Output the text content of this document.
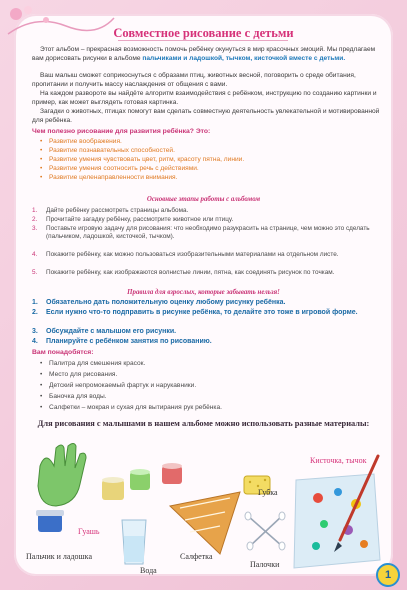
Совместное рисование с детьми
Этот альбом – прекрасная возможность помочь ребёнку окунуться в мир красочных эмоций. Мы предлагаем вам дорисовать рисунки в альбоме пальчиками и ладошкой, тычком, кисточкой вместе с детьми.
Ваш малыш сможет соприкоснуться с образами птиц, животных весной, поговорить о среде обитания, пропитании и получить массу наслаждения от общения с вами.
На каждом развороте вы найдёте алгоритм взаимодействия с ребёнком, инструкцию по созданию картинки и пример, как может выглядеть готовая картинка.
Загадки о животных, птицах помогут вам сделать совместную деятельность увлекательной и мотивированной для ребёнка.
Чем полезно рисование для развития ребёнка? Это:
• Развитие воображения.
• Развитие познавательных способностей.
• Развитие умения чувствовать цвет, ритм, красоту пятна, линии.
• Развитие умения соотносить речь с действиями.
• Развитие целенаправленности внимания.
Основные этапы работы с альбомом
1. Дайте ребёнку рассмотреть страницы альбома.
2. Прочитайте загадку ребёнку, рассмотрите животное или птицу.
3. Поставьте игровую задачу для рисования: что необходимо разукрасить на странице, чем можно это сделать (пальчиком, ладошкой, кисточкой, тычком).
4. Покажите ребёнку, как можно пользоваться изобразительными материалами на отдельном листе.
5. Покажите ребёнку, как изображаются волнистые линии, пятна, как соединять рисунок по точкам.
Правила для взрослых, которые забывать нельзя!
1. Обязательно дать положительную оценку любому рисунку ребёнка.
2. Если нужно что-то подправить в рисунке ребёнка, то делайте это тоже в игровой форме.
3. Обсуждайте с малышом его рисунки.
4. Планируйте с ребёнком занятия по рисованию.
Вам понадобятся:
• Палитра для смешения красок.
• Место для рисования.
• Детский непромокаемый фартук и нарукавники.
• Баночка для воды.
• Салфетки – мокрая и сухая для вытирания рук ребёнка.
Для рисования с малышами в нашем альбоме можно использовать разные материалы:
Кисточка, тычок
Губка
Гуашь
Пальчик и ладошка
Вода
Салфетка
Палочки
1
